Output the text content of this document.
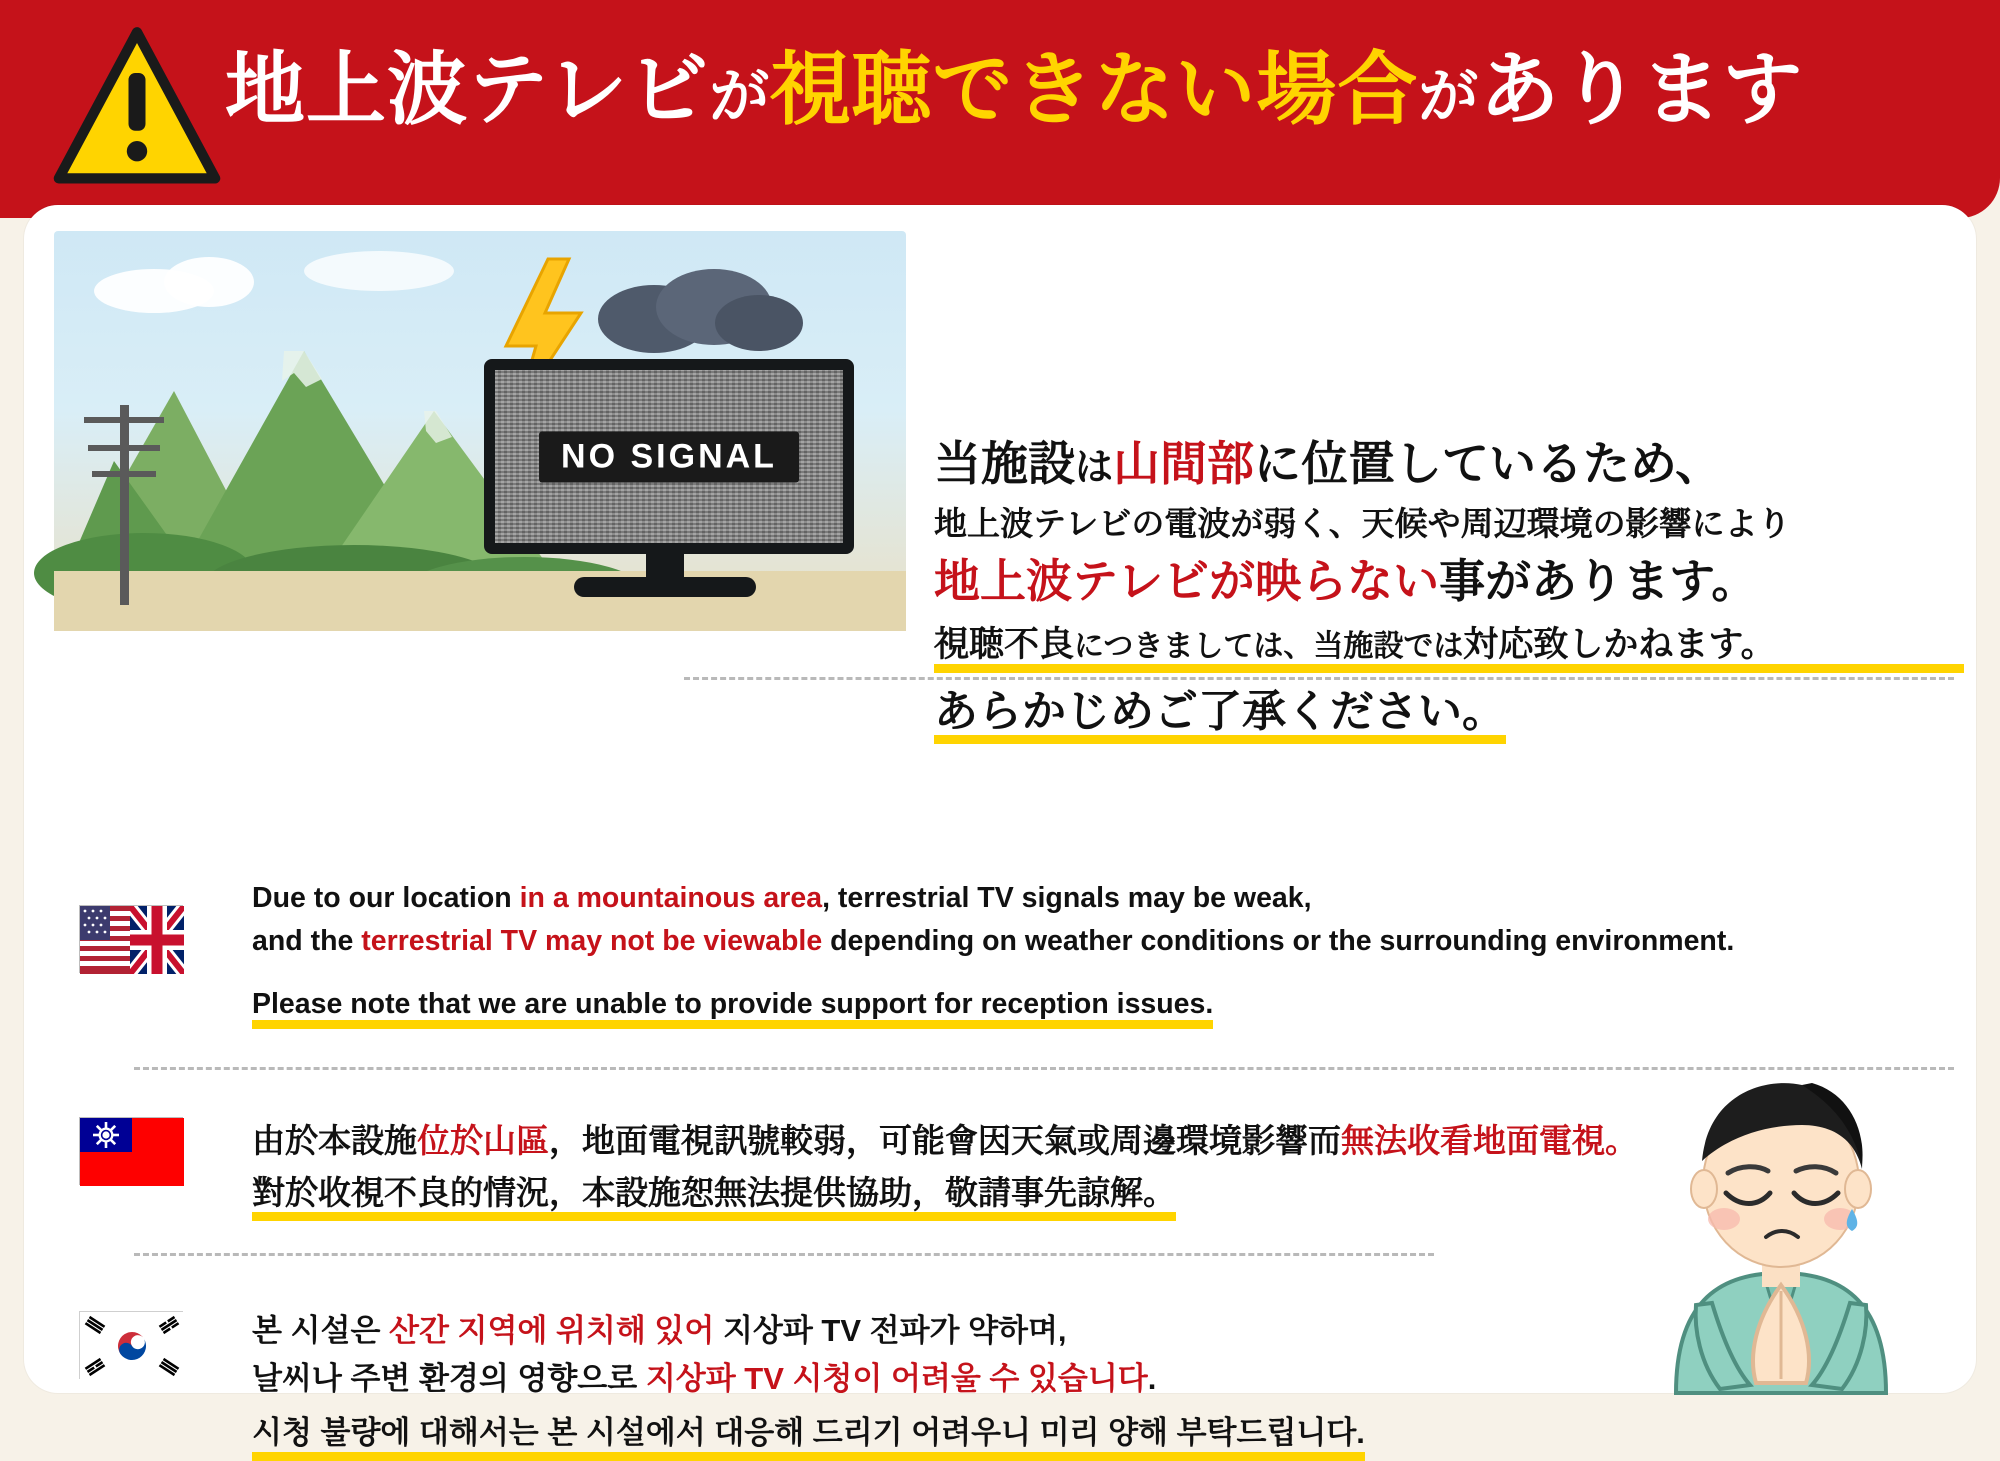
地上波テレビが視聴できない場合があります
NO SIGNAL	当施設は山間部に位置しているため、
地上波テレビの電波が弱く、天候や周辺環境の影響により
地上波テレビが映らない事があります。
視聴不良につきましては、当施設では対応致しかねます。
あらかじめご了承ください。
Due to our location in a mountainous area, terrestrial TV signals may be weak,
and the terrestrial TV may not be viewable depending on weather conditions or the surrounding environment.
Please note that we are unable to provide support for reception issues.
由於本設施位於山區，地面電視訊號較弱，可能會因天氣或周邊環境影響而無法收看地面電視。
對於收視不良的情況，本設施恕無法提供協助，敬請事先諒解。
본 시설은 산간 지역에 위치해 있어 지상파 TV 전파가 약하며,
날씨나 주변 환경의 영향으로 지상파 TV 시청이 어려울 수 있습니다.
시청 불량에 대해서는 본 시설에서 대응해 드리기 어려우니 미리 양해 부탁드립니다.
